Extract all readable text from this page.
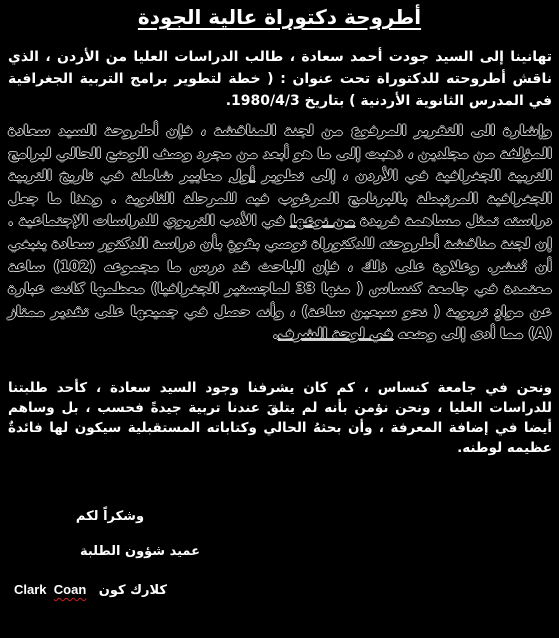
أطروحة دكتوراة عالية الجودة

تهانينا إلى السيد جودت أحمد سعادة ، طالب الدراسات العليا من الأردن ، الذي ناقش أطروحته للدكتوراة تحت عنوان : ( خطة لتطوير برامج التربية الجغرافية في المدرس الثانوية الأردنية ) بتاريخ 1980/4/3.

وإشارة الى التقرير المرفوع من لجنة المناقشة ، فإن أطروحة السيد سعادة المؤلفة من مجلدين ، ذهبت إلى ما هو أبعد من مجرد وصف الوضع الحالي لبرامج التربية الجغرافية في الأردن ، إلى تطوير أول معايير شاملة في تاريخ التربية الجغرافية المرتبطة بالبرنامج المرغوب فيه للمرحلة الثانوية . وهذا ما جعل دراسته تمثل مساهمة فريدة من نوعها في الأدب التربوي للدراسات الإجتماعية . إن لجنة مناقشة أطروحته للدكتوراة توصي بقوةٍ بأن دراسة الدكتور سعادة ينبغي أن تُنشر. وعلاوة على ذلك ، فإن الباحث قد درس ما مجموعه (102) ساعة معتمدة في جامعة كنساس ( منها 33 لماجستير الجغرافيا) معظمها كانت عبارة عن موادٍ تربوية ( نحو سبعين ساعة) ، وأنه حصل في جميعها على تقدير ممتاز (A) مما أدى إلى وضعه في لوحة الشرف.

ونحن في جامعة كنساس ، كم كان يشرفنا وجود السيد سعادة ، كأحد طلبتنا للدراسات العليا ، ونحن نؤمن بأنه لم يتلقَ عندنا تربية جيدةً فحسب ، بل وساهم أيضا في إضافة المعرفة ، وأن بحثهُ الحالي وكتاباته المستقبلية سيكون لها فائدةٌ عظيمه لوطنه.

وشكراً لكم
عميد شؤون الطلبة
Clark Coan كلارك كون
